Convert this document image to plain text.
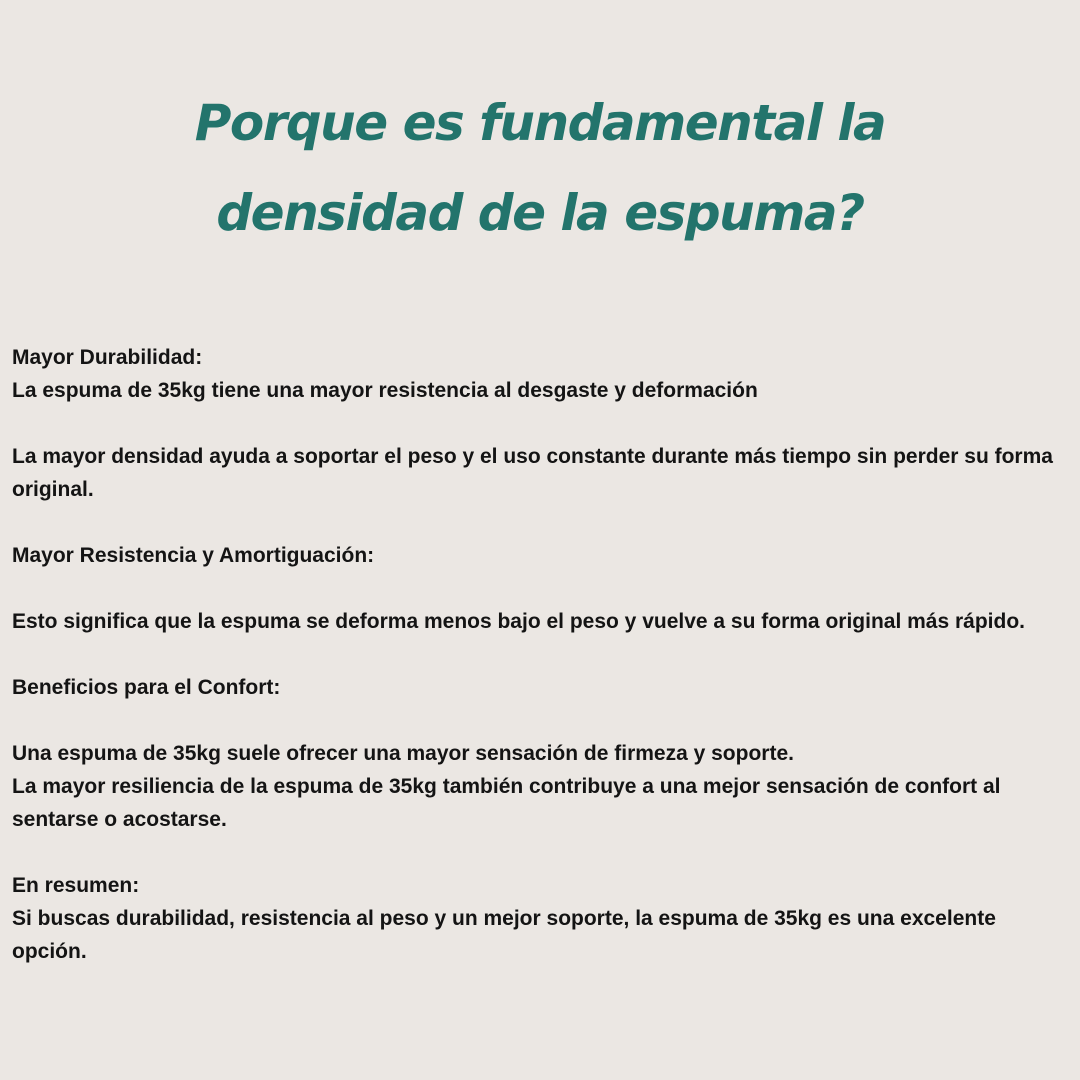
Porque es fundamental la
densidad de la espuma?

Mayor Durabilidad:

La espuma de 35kg tiene una mayor resistencia al desgaste y deformación

La mayor densidad ayuda a soportar el peso y el uso constante durante más tiempo sin perder su forma original.

Mayor Resistencia y Amortiguación:

Esto significa que la espuma se deforma menos bajo el peso y vuelve a su forma original más rápido.

Beneficios para el Confort:

Una espuma de 35kg suele ofrecer una mayor sensación de firmeza y soporte.

La mayor resiliencia de la espuma de 35kg también contribuye a una mejor sensación de confort al sentarse o acostarse.

En resumen:

Si buscas durabilidad, resistencia al peso y un mejor soporte, la espuma de 35kg es una excelente opción.
